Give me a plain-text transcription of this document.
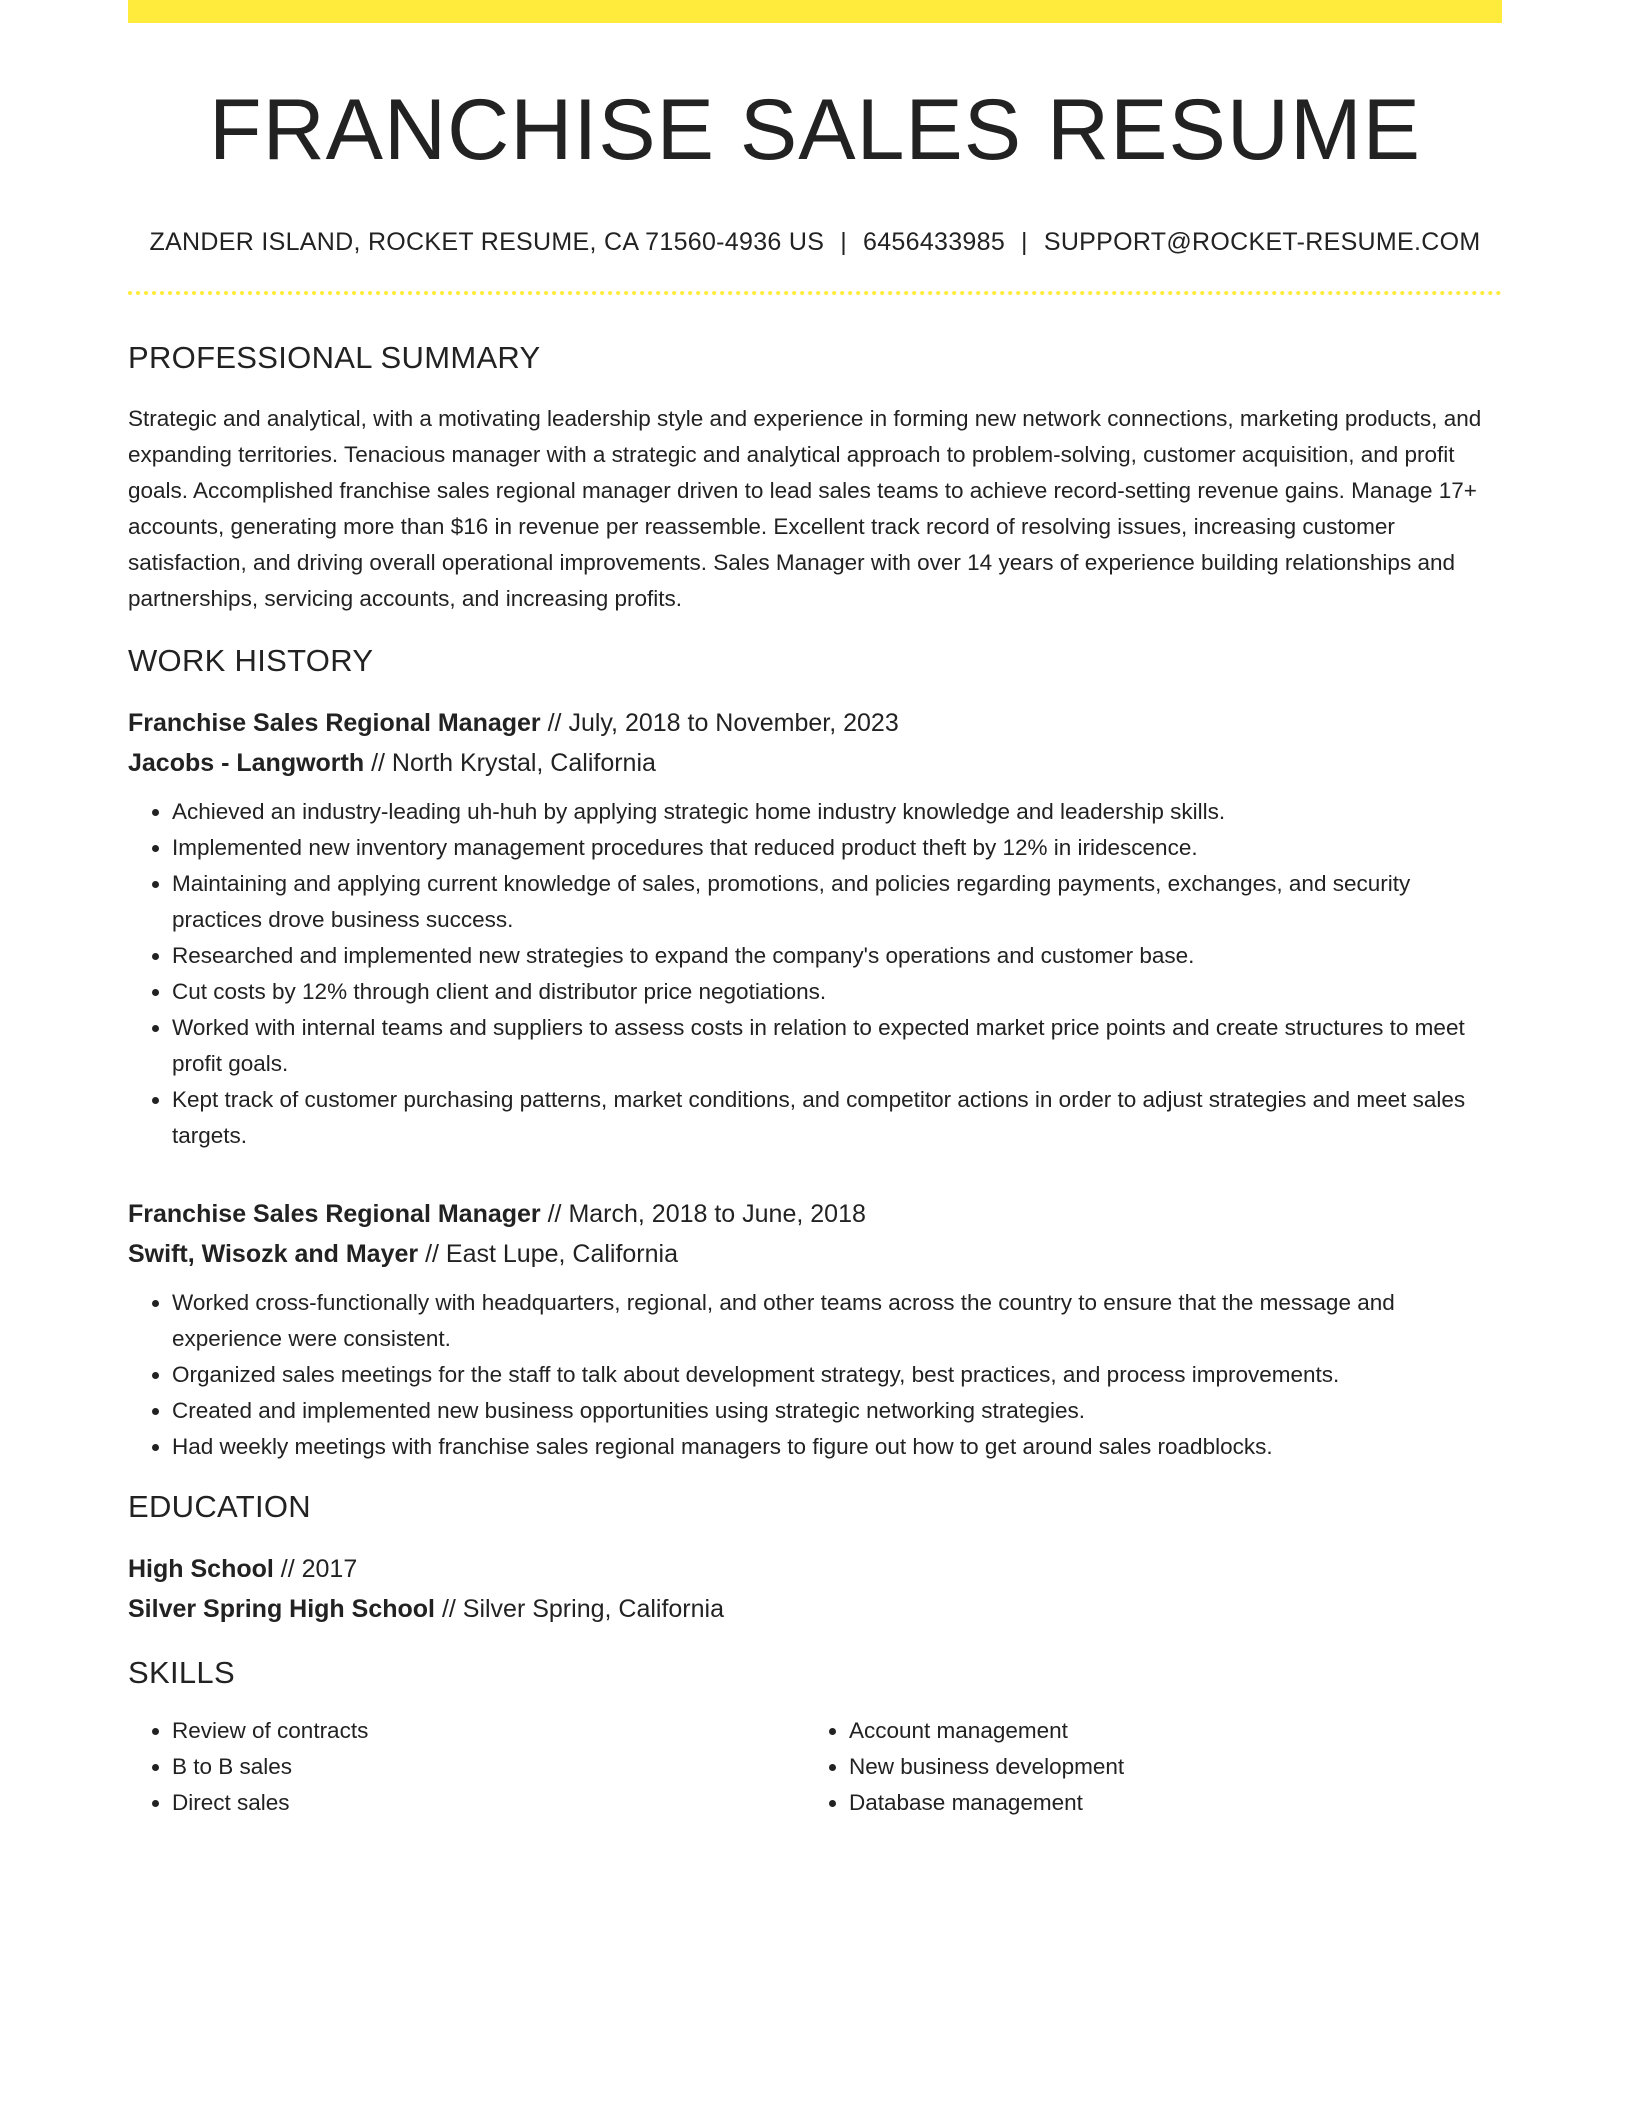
FRANCHISE SALES RESUME
ZANDER ISLAND, ROCKET RESUME, CA 71560-4936 US | 6456433985 | SUPPORT@ROCKET-RESUME.COM
PROFESSIONAL SUMMARY
Strategic and analytical, with a motivating leadership style and experience in forming new network connections, marketing products, and expanding territories. Tenacious manager with a strategic and analytical approach to problem-solving, customer acquisition, and profit goals. Accomplished franchise sales regional manager driven to lead sales teams to achieve record-setting revenue gains. Manage 17+ accounts, generating more than $16 in revenue per reassemble. Excellent track record of resolving issues, increasing customer satisfaction, and driving overall operational improvements. Sales Manager with over 14 years of experience building relationships and partnerships, servicing accounts, and increasing profits.
WORK HISTORY
Franchise Sales Regional Manager // July, 2018 to November, 2023
Jacobs - Langworth // North Krystal, California
• Achieved an industry-leading uh-huh by applying strategic home industry knowledge and leadership skills.
• Implemented new inventory management procedures that reduced product theft by 12% in iridescence.
• Maintaining and applying current knowledge of sales, promotions, and policies regarding payments, exchanges, and security practices drove business success.
• Researched and implemented new strategies to expand the company's operations and customer base.
• Cut costs by 12% through client and distributor price negotiations.
• Worked with internal teams and suppliers to assess costs in relation to expected market price points and create structures to meet profit goals.
• Kept track of customer purchasing patterns, market conditions, and competitor actions in order to adjust strategies and meet sales targets.
Franchise Sales Regional Manager // March, 2018 to June, 2018
Swift, Wisozk and Mayer // East Lupe, California
• Worked cross-functionally with headquarters, regional, and other teams across the country to ensure that the message and experience were consistent.
• Organized sales meetings for the staff to talk about development strategy, best practices, and process improvements.
• Created and implemented new business opportunities using strategic networking strategies.
• Had weekly meetings with franchise sales regional managers to figure out how to get around sales roadblocks.
EDUCATION
High School // 2017
Silver Spring High School // Silver Spring, California
SKILLS
• Review of contracts
• B to B sales
• Direct sales
• Account management
• New business development
• Database management
